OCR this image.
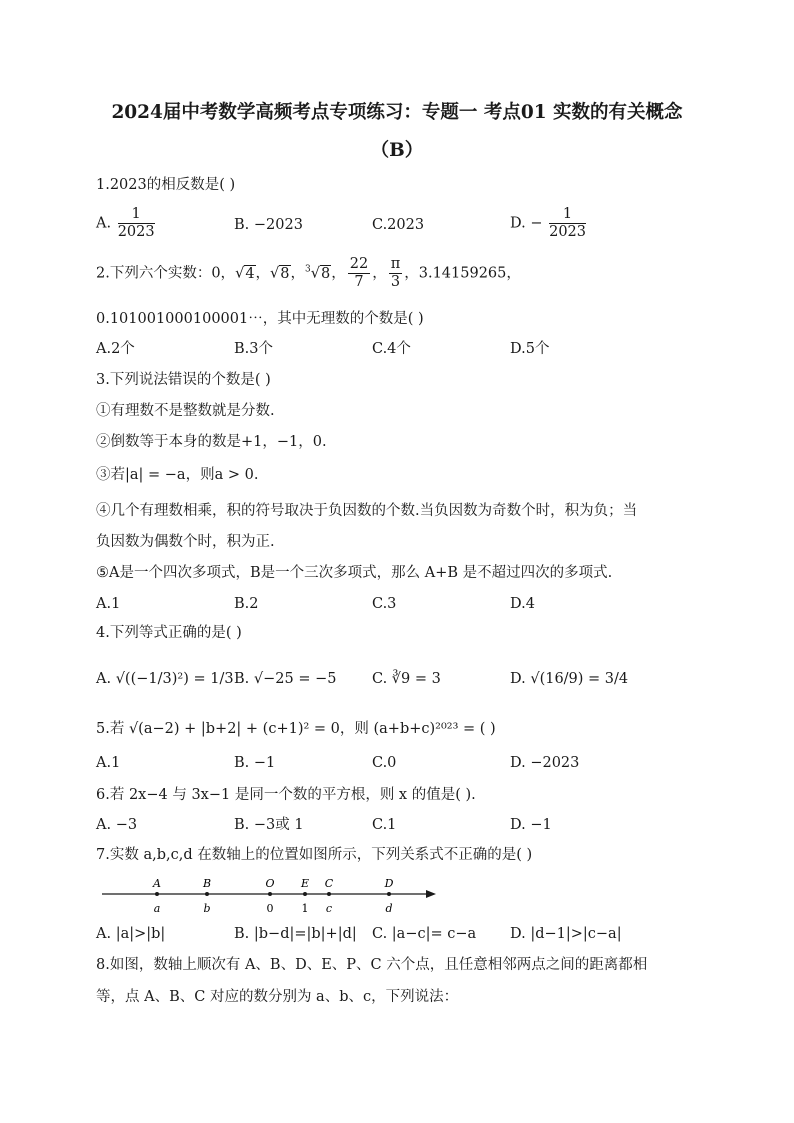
2024届中考数学高频考点专项练习：专题一 考点01 实数的有关概念
（B）
1.2023的相反数是( )
A. $\frac{1}{2023}$	B. −2023	C.2023	D. − $\frac{1}{2023}$
2.下列六个实数：0，√4，√8，$^3$√8， $\frac{22}{7}$ ， $\frac{\pi}{3}$ ，3.14159265，
0.101001000100001⋯，其中无理数的个数是( )
A.2个	B.3个	C.4个	D.5个
3.下列说法错误的个数是( )
①有理数不是整数就是分数.
②倒数等于本身的数是+1，−1，0.
③若|a| = −a，则a > 0.
④几个有理数相乘，积的符号取决于负因数的个数.当负因数为奇数个时，积为负；当
负因数为偶数个时，积为正.
⑤A是一个四次多项式，B是一个三次多项式，那么 A+B 是不超过四次的多项式.
A.1	B.2	C.3	D.4
4.下列等式正确的是( )
A. √((−1/3)²) = 1/3 B. √−25 = −5 C. ∛9 = 3	D. √(16/9) = 3/4
5.若 √(a−2) + |b+2| + (c+1)² = 0，则 (a+b+c)²⁰²³ = ( )
A.1	B. −1	C.0	D. −2023
6.若 2x−4 与 3x−1 是同一个数的平方根，则 x 的值是( ).
A. −3	B. −3或 1	C.1	D. −1
7.实数 a,b,c,d 在数轴上的位置如图所示，下列关系式不正确的是( )
A
a
B
b
O
0
E
1
C
c
D
d
A. |a|>|b|	B. |b−d|=|b|+|d| C. |a−c|= c−a D. |d−1|>|c−a|
8.如图，数轴上顺次有 A、B、D、E、P、C 六个点，且任意相邻两点之间的距离都相
等，点 A、B、C 对应的数分别为 a、b、c，下列说法：
